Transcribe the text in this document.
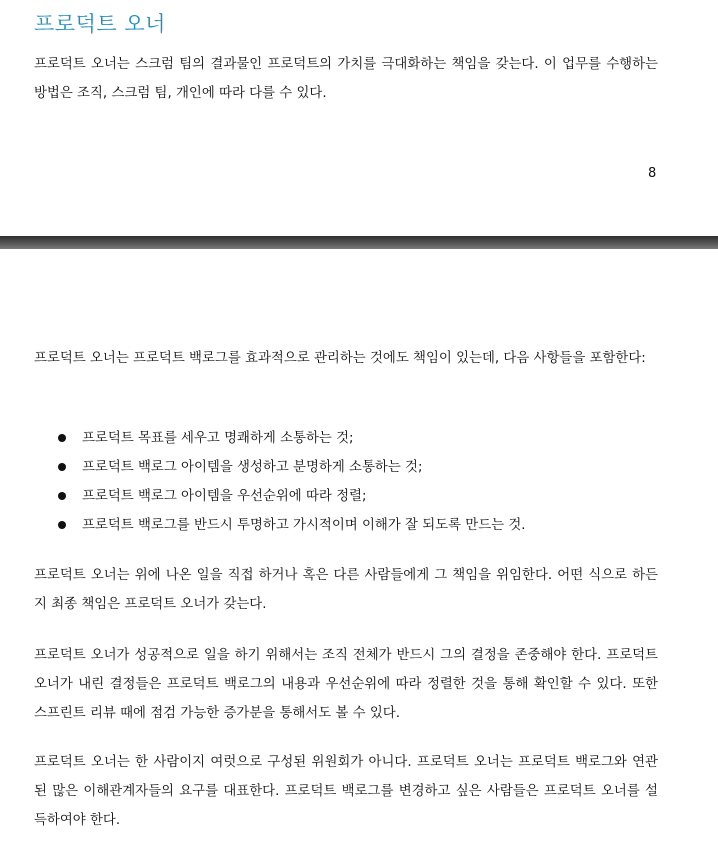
프로덕트 오너

프로덕트 오너는 스크럼 팀의 결과물인 프로덕트의 가치를 극대화하는 책임을 갖는다. 이 업무를 수행하는 방법은 조직, 스크럼 팀, 개인에 따라 다를 수 있다.

8

프로덕트 오너는 프로덕트 백로그를 효과적으로 관리하는 것에도 책임이 있는데, 다음 사항들을 포함한다:

프로덕트 목표를 세우고 명쾌하게 소통하는 것;
프로덕트 백로그 아이템을 생성하고 분명하게 소통하는 것;
프로덕트 백로그 아이템을 우선순위에 따라 정렬;
프로덕트 백로그를 반드시 투명하고 가시적이며 이해가 잘 되도록 만드는 것.

프로덕트 오너는 위에 나온 일을 직접 하거나 혹은 다른 사람들에게 그 책임을 위임한다. 어떤 식으로 하든지 최종 책임은 프로덕트 오너가 갖는다.

프로덕트 오너가 성공적으로 일을 하기 위해서는 조직 전체가 반드시 그의 결정을 존중해야 한다. 프로덕트 오너가 내린 결정들은 프로덕트 백로그의 내용과 우선순위에 따라 정렬한 것을 통해 확인할 수 있다. 또한 스프린트 리뷰 때에 점검 가능한 증가분을 통해서도 볼 수 있다.

프로덕트 오너는 한 사람이지 여럿으로 구성된 위원회가 아니다. 프로덕트 오너는 프로덕트 백로그와 연관된 많은 이해관계자들의 요구를 대표한다. 프로덕트 백로그를 변경하고 싶은 사람들은 프로덕트 오너를 설득하여야 한다.
